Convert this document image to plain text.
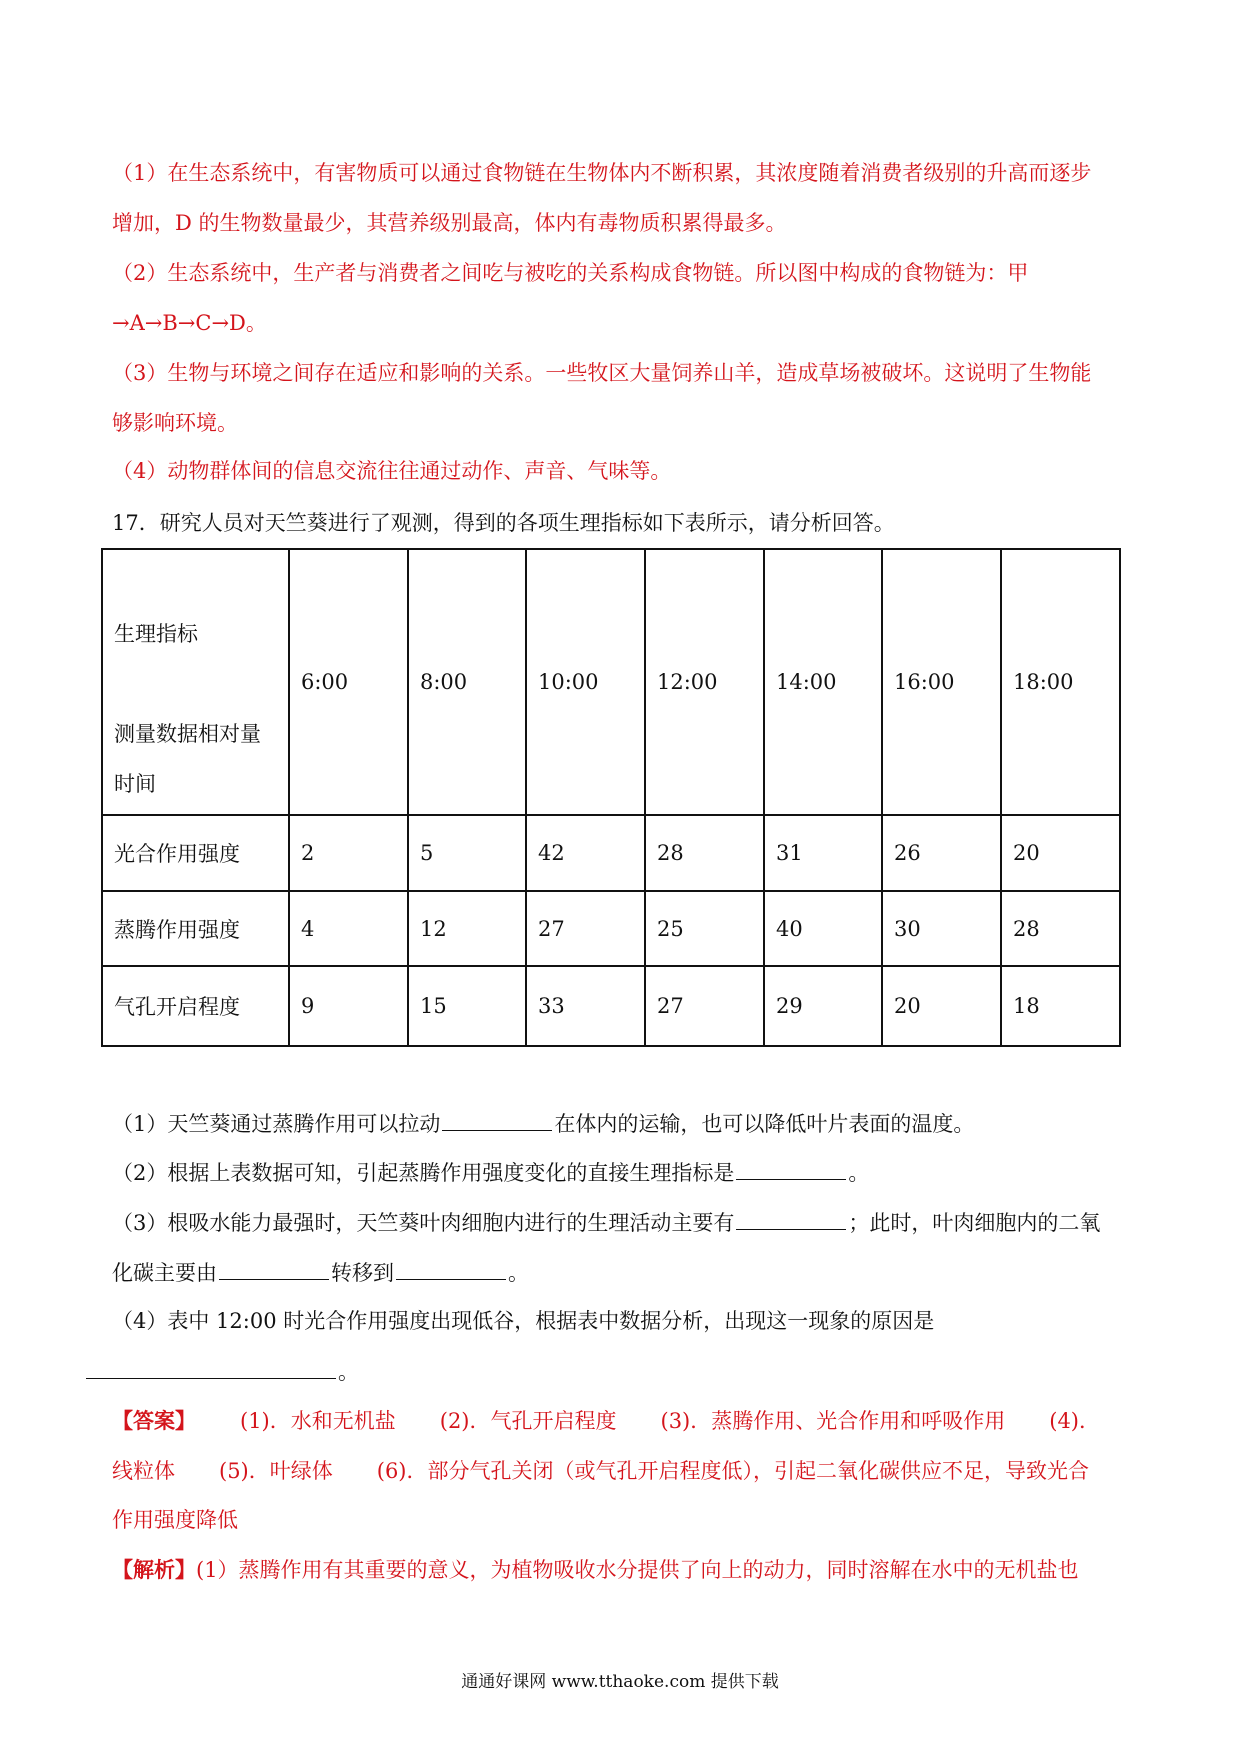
（1）在生态系统中，有害物质可以通过食物链在生物体内不断积累，其浓度随着消费者级别的升高而逐步
增加，D 的生物数量最少，其营养级别最高，体内有毒物质积累得最多。
（2）生态系统中，生产者与消费者之间吃与被吃的关系构成食物链。所以图中构成的食物链为：甲
→A→B→C→D。
（3）生物与环境之间存在适应和影响的关系。一些牧区大量饲养山羊，造成草场被破坏。这说明了生物能
够影响环境。
（4）动物群体间的信息交流往往通过动作、声音、气味等。
17．研究人员对天竺葵进行了观测，得到的各项生理指标如下表所示，请分析回答。
生理指标
测量数据相对量
时间	6:00	8:00	10:00	12:00	14:00	16:00	18:00
光合作用强度	2	5	42	28	31	26	20
蒸腾作用强度	4	12	27	25	40	30	28
气孔开启程度	9	15	33	27	29	20	18
（1）天竺葵通过蒸腾作用可以拉动	在体内的运输，也可以降低叶片表面的温度。
（2）根据上表数据可知，引起蒸腾作用强度变化的直接生理指标是	。
（3）根吸水能力最强时，天竺葵叶肉细胞内进行的生理活动主要有	；此时，叶肉细胞内的二氧
化碳主要由	转移到	。
（4）表中 12:00 时光合作用强度出现低谷，根据表中数据分析，出现这一现象的原因是
。
【答案】 (1)．水和无机盐 (2)．气孔开启程度 (3)．蒸腾作用、光合作用和呼吸作用 (4)．
线粒体 (5)．叶绿体 (6)．部分气孔关闭（或气孔开启程度低），引起二氧化碳供应不足，导致光合
作用强度降低
【解析】(1）蒸腾作用有其重要的意义，为植物吸收水分提供了向上的动力，同时溶解在水中的无机盐也
通通好课网 www.tthaoke.com 提供下载
